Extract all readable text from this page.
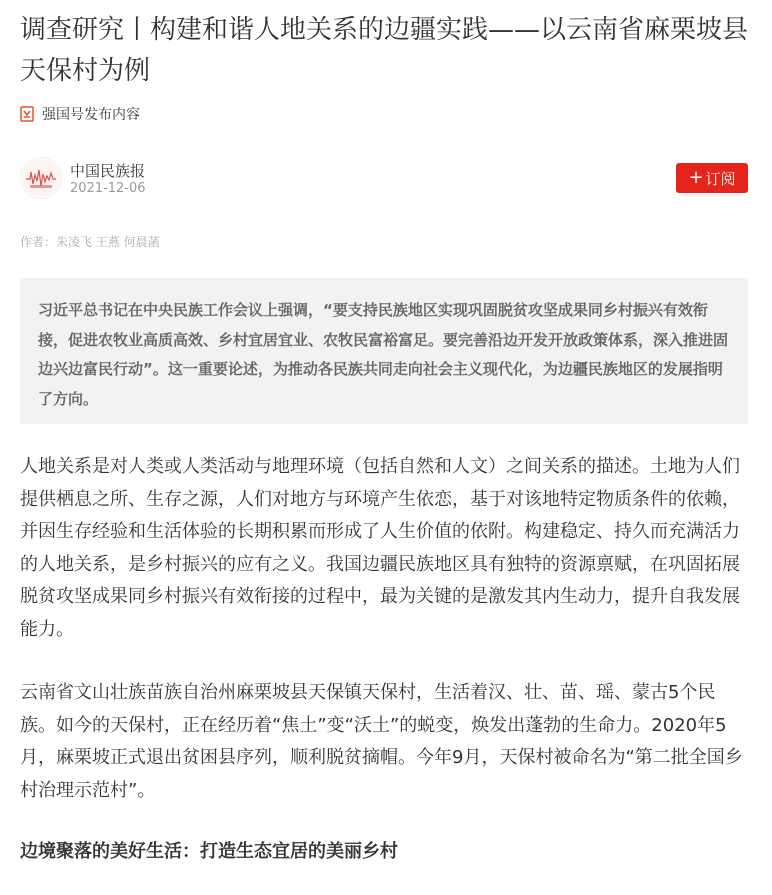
调查研究丨构建和谐人地关系的边疆实践——以云南省麻栗坡县天保村为例
强国号发布内容
中国民族报
2021-12-06
+ 订阅
作者：朱凌飞 王燕 何晨菡

习近平总书记在中央民族工作会议上强调，“要支持民族地区实现巩固脱贫攻坚成果同乡村振兴有效衔接，促进农牧业高质高效、乡村宜居宜业、农牧民富裕富足。要完善沿边开发开放政策体系，深入推进固边兴边富民行动”。这一重要论述，为推动各民族共同走向社会主义现代化，为边疆民族地区的发展指明了方向。

人地关系是对人类或人类活动与地理环境（包括自然和人文）之间关系的描述。土地为人们提供栖息之所、生存之源，人们对地方与环境产生依恋，基于对该地特定物质条件的依赖，并因生存经验和生活体验的长期积累而形成了人生价值的依附。构建稳定、持久而充满活力的人地关系，是乡村振兴的应有之义。我国边疆民族地区具有独特的资源禀赋，在巩固拓展脱贫攻坚成果同乡村振兴有效衔接的过程中，最为关键的是激发其内生动力，提升自我发展能力。

云南省文山壮族苗族自治州麻栗坡县天保镇天保村，生活着汉、壮、苗、瑶、蒙古5个民族。如今的天保村，正在经历着“焦土”变“沃土”的蜕变，焕发出蓬勃的生命力。2020年5月，麻栗坡正式退出贫困县序列，顺利脱贫摘帽。今年9月，天保村被命名为“第二批全国乡村治理示范村”。

边境聚落的美好生活：打造生态宜居的美丽乡村
